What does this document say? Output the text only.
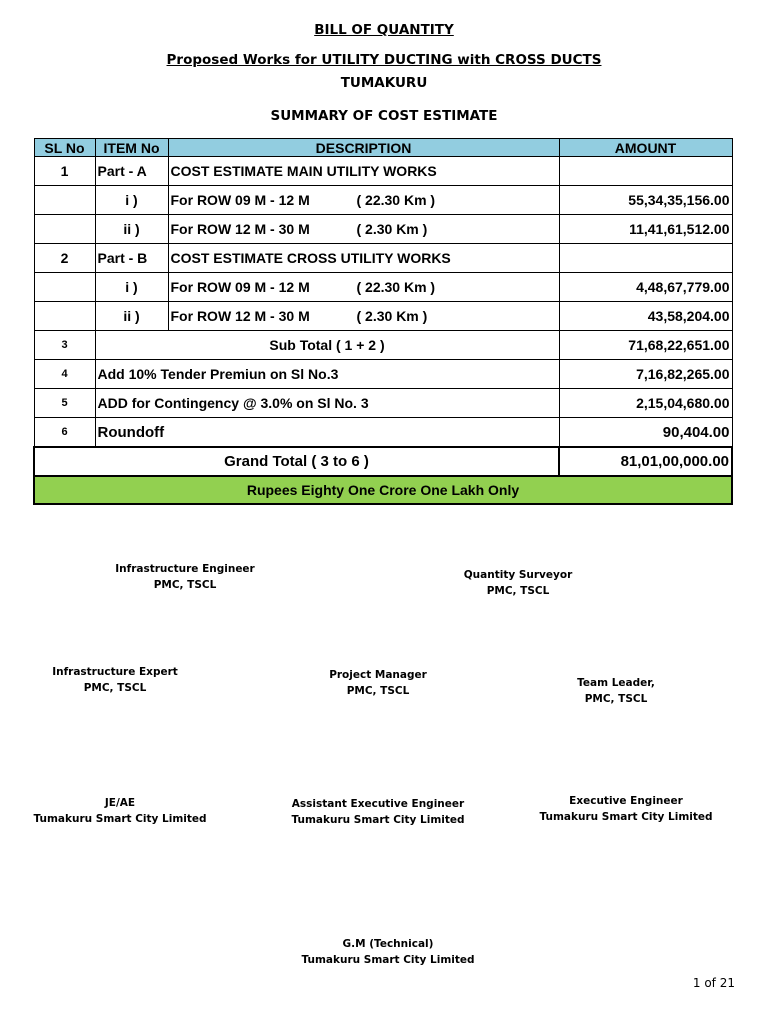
BILL OF QUANTITY
Proposed Works for UTILITY DUCTING with CROSS DUCTS
TUMAKURU
SUMMARY OF COST ESTIMATE
SL No	ITEM No	DESCRIPTION	AMOUNT
1	Part - A	COST ESTIMATE MAIN UTILITY WORKS	
	i )	For ROW 09 M - 12 M ( 22.30 Km )	55,34,35,156.00
	ii )	For ROW 12 M - 30 M ( 2.30 Km )	11,41,61,512.00
2	Part - B	COST ESTIMATE CROSS UTILITY WORKS	
	i )	For ROW 09 M - 12 M ( 22.30 Km )	4,48,67,779.00
	ii )	For ROW 12 M - 30 M ( 2.30 Km )	43,58,204.00
3	Sub Total ( 1 + 2 )		71,68,22,651.00
4	Add 10% Tender Premiun on Sl No.3		7,16,82,265.00
5	ADD for Contingency @ 3.0% on Sl No. 3		2,15,04,680.00
6	Roundoff		90,404.00
Grand Total ( 3 to 6 )			81,01,00,000.00
Rupees Eighty One Crore One Lakh Only			
Infrastructure Engineer
PMC, TSCL
Quantity Surveyor
PMC, TSCL
Infrastructure Expert
PMC, TSCL
Project Manager
PMC, TSCL
Team Leader,
PMC, TSCL
JE/AE
Tumakuru Smart City Limited
Assistant Executive Engineer
Tumakuru Smart City Limited
Executive Engineer
Tumakuru Smart City Limited
G.M (Technical)
Tumakuru Smart City Limited
1 of 21
